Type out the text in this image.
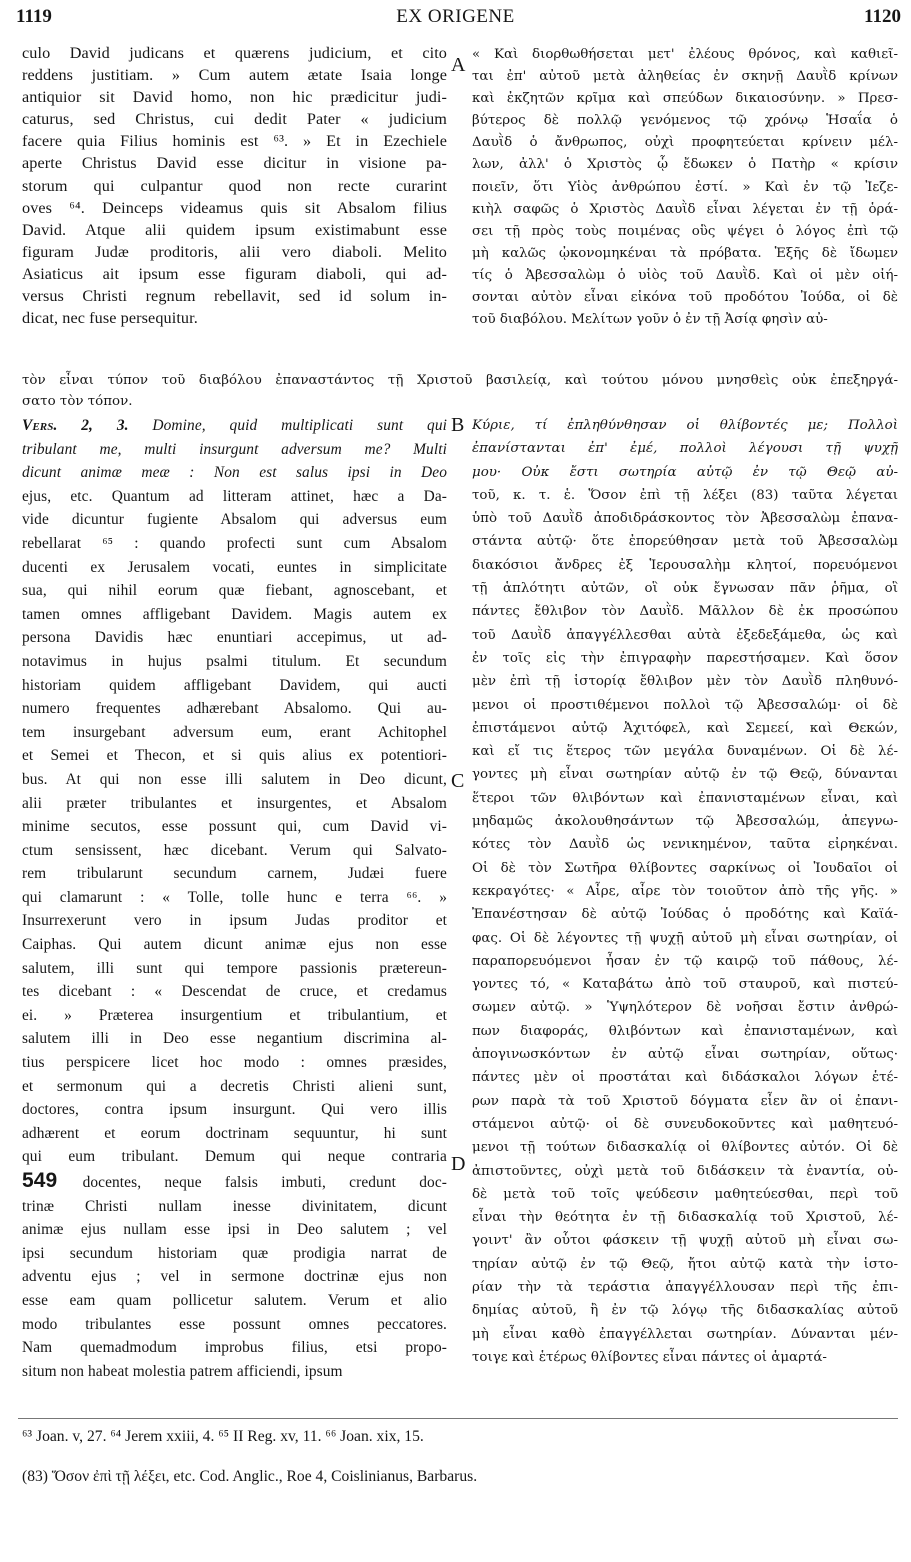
1119	EX ORIGENE	1120
A
B
C
D
culo David judicans et quærens judicium, et cito
reddens justitiam. » Cum autem ætate Isaia longe
antiquior sit David homo, non hic prædicitur judi-
caturus, sed Christus, cui dedit Pater « judicium
facere quia Filius hominis est ⁶³. » Et in Ezechiele
aperte Christus David esse dicitur in visione pa-
storum qui culpantur quod non recte curarint
oves ⁶⁴. Deinceps videamus quis sit Absalom filius
David. Atque alii quidem ipsum existimabunt esse
figuram Judæ proditoris, alii vero diaboli. Melito
Asiaticus ait ipsum esse figuram diaboli, qui ad-
versus Christi regnum rebellavit, sed id solum in-
dicat, nec fuse persequitur.
« Καὶ διορθωθήσεται μετ' ἐλέους θρόνος, καὶ καθιεῖ-
ται ἐπ' αὐτοῦ μετὰ ἀληθείας ἐν σκηνῇ Δαυῒδ κρίνων
καὶ ἐκζητῶν κρῖμα καὶ σπεύδων δικαιοσύνην. » Πρεσ-
βύτερος δὲ πολλῷ γενόμενος τῷ χρόνῳ Ἡσαΐα ὁ
Δαυῒδ ὁ ἄνθρωπος, οὐχὶ προφητεύεται κρίνειν μέλ-
λων, ἀλλ' ὁ Χριστὸς ᾧ ἔδωκεν ὁ Πατὴρ « κρίσιν
ποιεῖν, ὅτι Υἱὸς ἀνθρώπου ἐστί. » Καὶ ἐν τῷ Ἰεζε-
κιὴλ σαφῶς ὁ Χριστὸς Δαυῒδ εἶναι λέγεται ἐν τῇ ὁρά-
σει τῇ πρὸς τοὺς ποιμένας οὓς ψέγει ὁ λόγος ἐπὶ τῷ
μὴ καλῶς ᾠκονομηκέναι τὰ πρόβατα. Ἑξῆς δὲ ἴδωμεν
τίς ὁ Ἀβεσσαλὼμ ὁ υἱὸς τοῦ Δαυῒδ. Καὶ οἱ μὲν οἰή-
σονται αὐτὸν εἶναι εἰκόνα τοῦ προδότου Ἰούδα, οἱ δὲ
τοῦ διαβόλου. Μελίτων γοῦν ὁ ἐν τῇ Ἀσίᾳ φησὶν αὐ-
τὸν εἶναι τύπον τοῦ διαβόλου ἐπαναστάντος τῇ Χριστοῦ βασιλείᾳ, καὶ τούτου μόνου μνησθεὶς οὐκ ἐπεξηργά-
σατο τὸν τόπον.
Vers. 2, 3. Domine, quid multiplicati sunt qui
tribulant me, multi insurgunt adversum me? Multi
dicunt animæ meæ : Non est salus ipsi in Deo
ejus, etc. Quantum ad litteram attinet, hæc a Da-
vide dicuntur fugiente Absalom qui adversus eum
rebellarat ⁶⁵ : quando profecti sunt cum Absalom
ducenti ex Jerusalem vocati, euntes in simplicitate
sua, qui nihil eorum quæ fiebant, agnoscebant, et
tamen omnes affligebant Davidem. Magis autem ex
persona Davidis hæc enuntiari accepimus, ut ad-
notavimus in hujus psalmi titulum. Et secundum
historiam quidem affligebant Davidem, qui aucti
numero frequentes adhærebant Absalomo. Qui au-
tem insurgebant adversum eum, erant Achitophel
et Semei et Thecon, et si quis alius ex potentiori-
bus. At qui non esse illi salutem in Deo dicunt,
alii præter tribulantes et insurgentes, et Absalom
minime secutos, esse possunt qui, cum David vi-
ctum sensissent, hæc dicebant. Verum qui Salvato-
rem tribularunt secundum carnem, Judæi fuere
qui clamarunt : « Tolle, tolle hunc e terra ⁶⁶. »
Insurrexerunt vero in ipsum Judas proditor et
Caiphas. Qui autem dicunt animæ ejus non esse
salutem, illi sunt qui tempore passionis prætereun-
tes dicebant : « Descendat de cruce, et credamus
ei. » Præterea insurgentium et tribulantium, et
salutem illi in Deo esse negantium discrimina al-
tius perspicere licet hoc modo : omnes præsides,
et sermonum qui a decretis Christi alieni sunt,
doctores, contra ipsum insurgunt. Qui vero illis
adhærent et eorum doctrinam sequuntur, hi sunt
qui eum tribulant. Demum qui neque contraria
549 docentes, neque falsis imbuti, credunt doc-
trinæ Christi nullam inesse divinitatem, dicunt
animæ ejus nullam esse ipsi in Deo salutem ; vel
ipsi secundum historiam quæ prodigia narrat de
adventu ejus ; vel in sermone doctrinæ ejus non
esse eam quam pollicetur salutem. Verum et alio
modo tribulantes esse possunt omnes peccatores.
Nam quemadmodum improbus filius, etsi propo-
situm non habeat molestia patrem afficiendi, ipsum
Κύριε, τί ἐπληθύνθησαν οἱ θλίβοντές με; Πολλοὶ
ἐπανίστανται ἐπ' ἐμέ, πολλοὶ λέγουσι τῇ ψυχῇ
μου· Οὐκ ἔστι σωτηρία αὐτῷ ἐν τῷ Θεῷ αὐ-
τοῦ, κ. τ. ἑ. Ὅσον ἐπὶ τῇ λέξει (83) ταῦτα λέγεται
ὑπὸ τοῦ Δαυῒδ ἀποδιδράσκοντος τὸν Ἀβεσσαλὼμ ἐπανα-
στάντα αὐτῷ· ὅτε ἐπορεύθησαν μετὰ τοῦ Ἀβεσσαλὼμ
διακόσιοι ἄνδρες ἐξ Ἱερουσαλὴμ κλητοί, πορευόμενοι
τῇ ἁπλότητι αὐτῶν, οἳ οὐκ ἔγνωσαν πᾶν ῥῆμα, οἳ
πάντες ἔθλιβον τὸν Δαυῒδ. Μᾶλλον δὲ ἐκ προσώπου
τοῦ Δαυῒδ ἀπαγγέλλεσθαι αὐτὰ ἐξεδεξάμεθα, ὡς καὶ
ἐν τοῖς εἰς τὴν ἐπιγραφὴν παρεστήσαμεν. Καὶ ὅσον
μὲν ἐπὶ τῇ ἱστορίᾳ ἔθλιβον μὲν τὸν Δαυῒδ πληθυνό-
μενοι οἱ προστιθέμενοι πολλοὶ τῷ Ἀβεσσαλώμ· οἱ δὲ
ἐπιστάμενοι αὐτῷ Ἀχιτόφελ, καὶ Σεμεεί, καὶ Θεκών,
καὶ εἴ τις ἕτερος τῶν μεγάλα δυναμένων. Οἱ δὲ λέ-
γοντες μὴ εἶναι σωτηρίαν αὐτῷ ἐν τῷ Θεῷ, δύνανται
ἕτεροι τῶν θλιβόντων καὶ ἐπανισταμένων εἶναι, καὶ
μηδαμῶς ἀκολουθησάντων τῷ Ἀβεσσαλώμ, ἀπεγνω-
κότες τὸν Δαυῒδ ὡς νενικημένον, ταῦτα εἰρηκέναι.
Οἱ δὲ τὸν Σωτῆρα θλίβοντες σαρκίνως οἱ Ἰουδαῖοι οἱ
κεκραγότες· « Αἶρε, αἶρε τὸν τοιοῦτον ἀπὸ τῆς γῆς. »
Ἐπανέστησαν δὲ αὐτῷ Ἰούδας ὁ προδότης καὶ Καϊά-
φας. Οἱ δὲ λέγοντες τῇ ψυχῇ αὐτοῦ μὴ εἶναι σωτηρίαν, οἱ
παραπορευόμενοι ἦσαν ἐν τῷ καιρῷ τοῦ πάθους, λέ-
γοντες τό, « Καταβάτω ἀπὸ τοῦ σταυροῦ, καὶ πιστεύ-
σωμεν αὐτῷ. » Ὑψηλότερον δὲ νοῆσαι ἔστιν ἀνθρώ-
πων διαφοράς, θλιβόντων καὶ ἐπανισταμένων, καὶ
ἀπογινωσκόντων ἐν αὐτῷ εἶναι σωτηρίαν, οὕτως·
πάντες μὲν οἱ προστάται καὶ διδάσκαλοι λόγων ἑτέ-
ρων παρὰ τὰ τοῦ Χριστοῦ δόγματα εἶεν ἂν οἱ ἐπανι-
στάμενοι αὐτῷ· οἱ δὲ συνευδοκοῦντες καὶ μαθητευό-
μενοι τῇ τούτων διδασκαλίᾳ οἱ θλίβοντες αὐτόν. Οἱ δὲ
ἀπιστοῦντες, οὐχὶ μετὰ τοῦ διδάσκειν τὰ ἐναντία, οὐ-
δὲ μετὰ τοῦ τοῖς ψεύδεσιν μαθητεύεσθαι, περὶ τοῦ
εἶναι τὴν θεότητα ἐν τῇ διδασκαλίᾳ τοῦ Χριστοῦ, λέ-
γοιντ' ἂν οὗτοι φάσκειν τῇ ψυχῇ αὐτοῦ μὴ εἶναι σω-
τηρίαν αὐτῷ ἐν τῷ Θεῷ, ἤτοι αὐτῷ κατὰ τὴν ἱστο-
ρίαν τὴν τὰ τεράστια ἀπαγγέλλουσαν περὶ τῆς ἐπι-
δημίας αὐτοῦ, ἢ ἐν τῷ λόγῳ τῆς διδασκαλίας αὐτοῦ
μὴ εἶναι καθὸ ἐπαγγέλλεται σωτηρίαν. Δύνανται μέν-
τοιγε καὶ ἑτέρως θλίβοντες εἶναι πάντες οἱ ἁμαρτά-
⁶³ Joan. v, 27. ⁶⁴ Jerem xxiii, 4. ⁶⁵ II Reg. xv, 11. ⁶⁶ Joan. xix, 15.
(83) Ὅσον ἐπὶ τῇ λέξει, etc. Cod. Anglic., Roe 4, Coislinianus, Barbarus.
